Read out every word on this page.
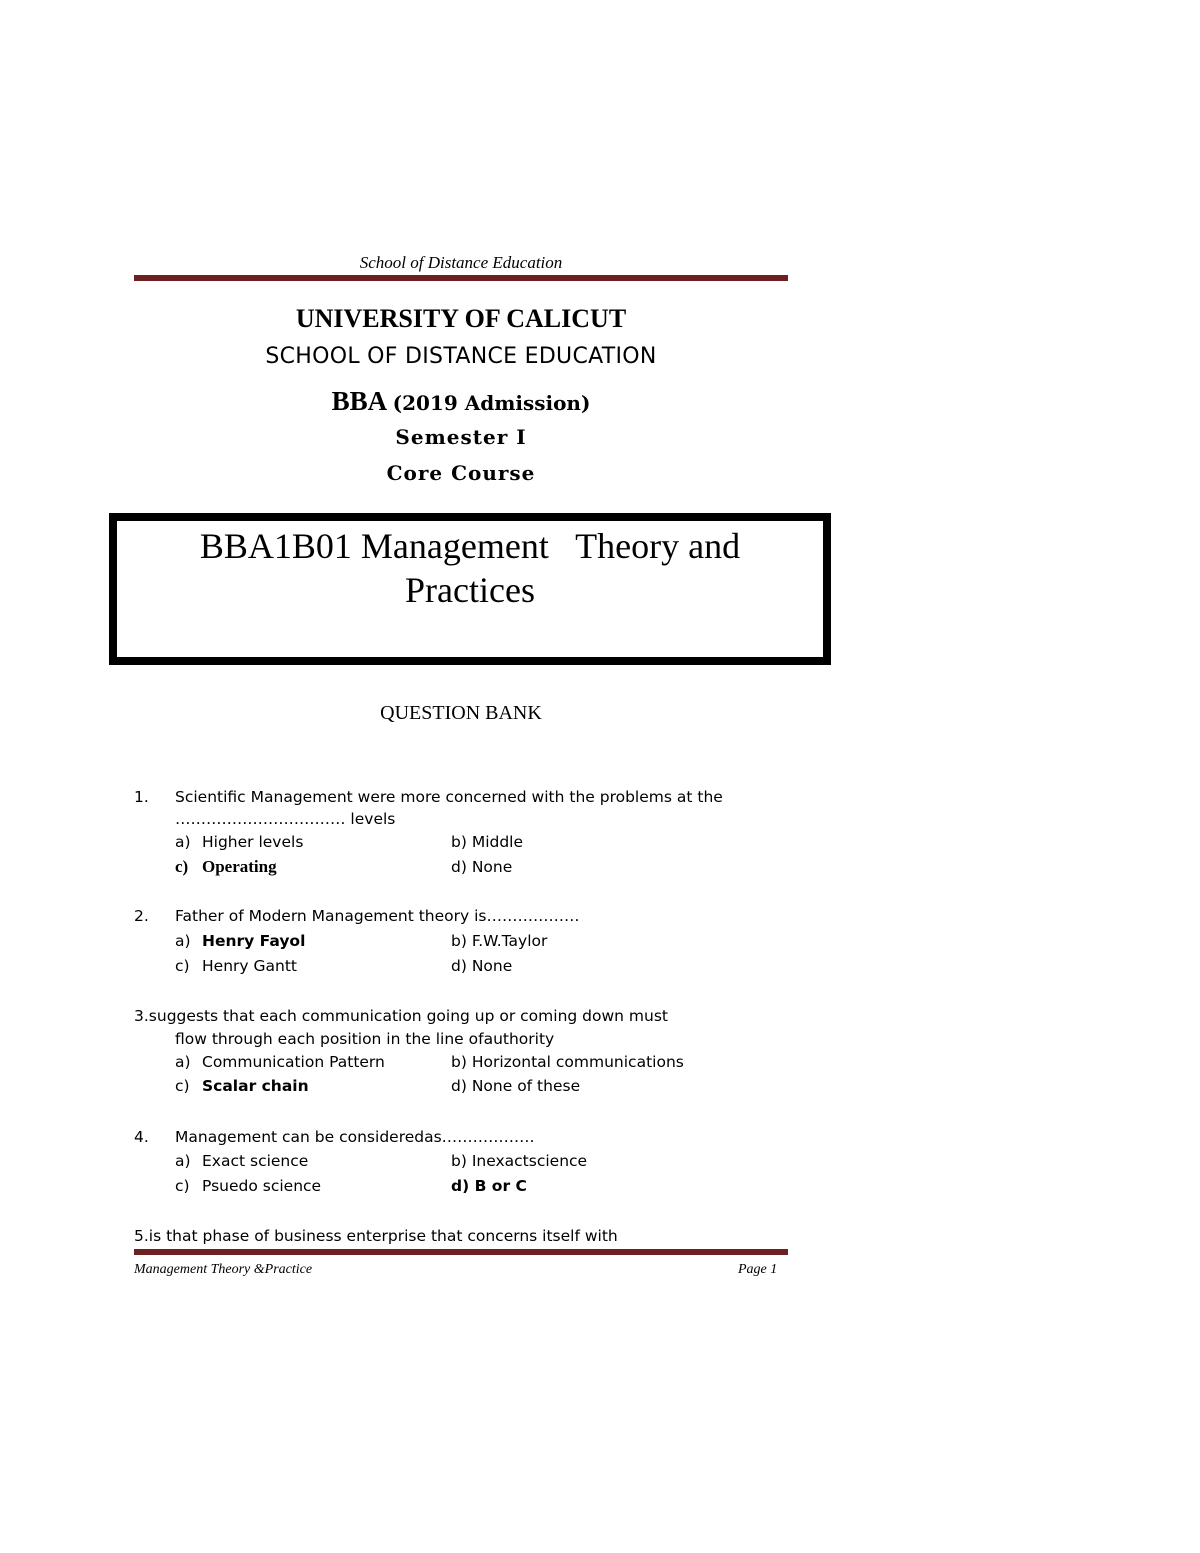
School of Distance Education
UNIVERSITY OF CALICUT
SCHOOL OF DISTANCE EDUCATION
BBA (2019 Admission)
Semester I
Core Course
BBA1B01 Management   Theory and
Practices
QUESTION BANK
1. Scientific Management were more concerned with the problems at the
…………………………… levels
a) Higher levels	b) Middle
c) Operating	d) None
2. Father of Modern Management theory is………………
a) Henry Fayol	b) F.W.Taylor
c) Henry Gantt	d) None
3.suggests that each communication going up or coming down must
flow through each position in the line ofauthority
a) Communication Pattern	b) Horizontal communications
c) Scalar chain	d) None of these
4. Management can be consideredas………………
a) Exact science	b) Inexactscience
c) Psuedo science	d) B or C
5.is that phase of business enterprise that concerns itself with
Management Theory &Practice	Page 1
